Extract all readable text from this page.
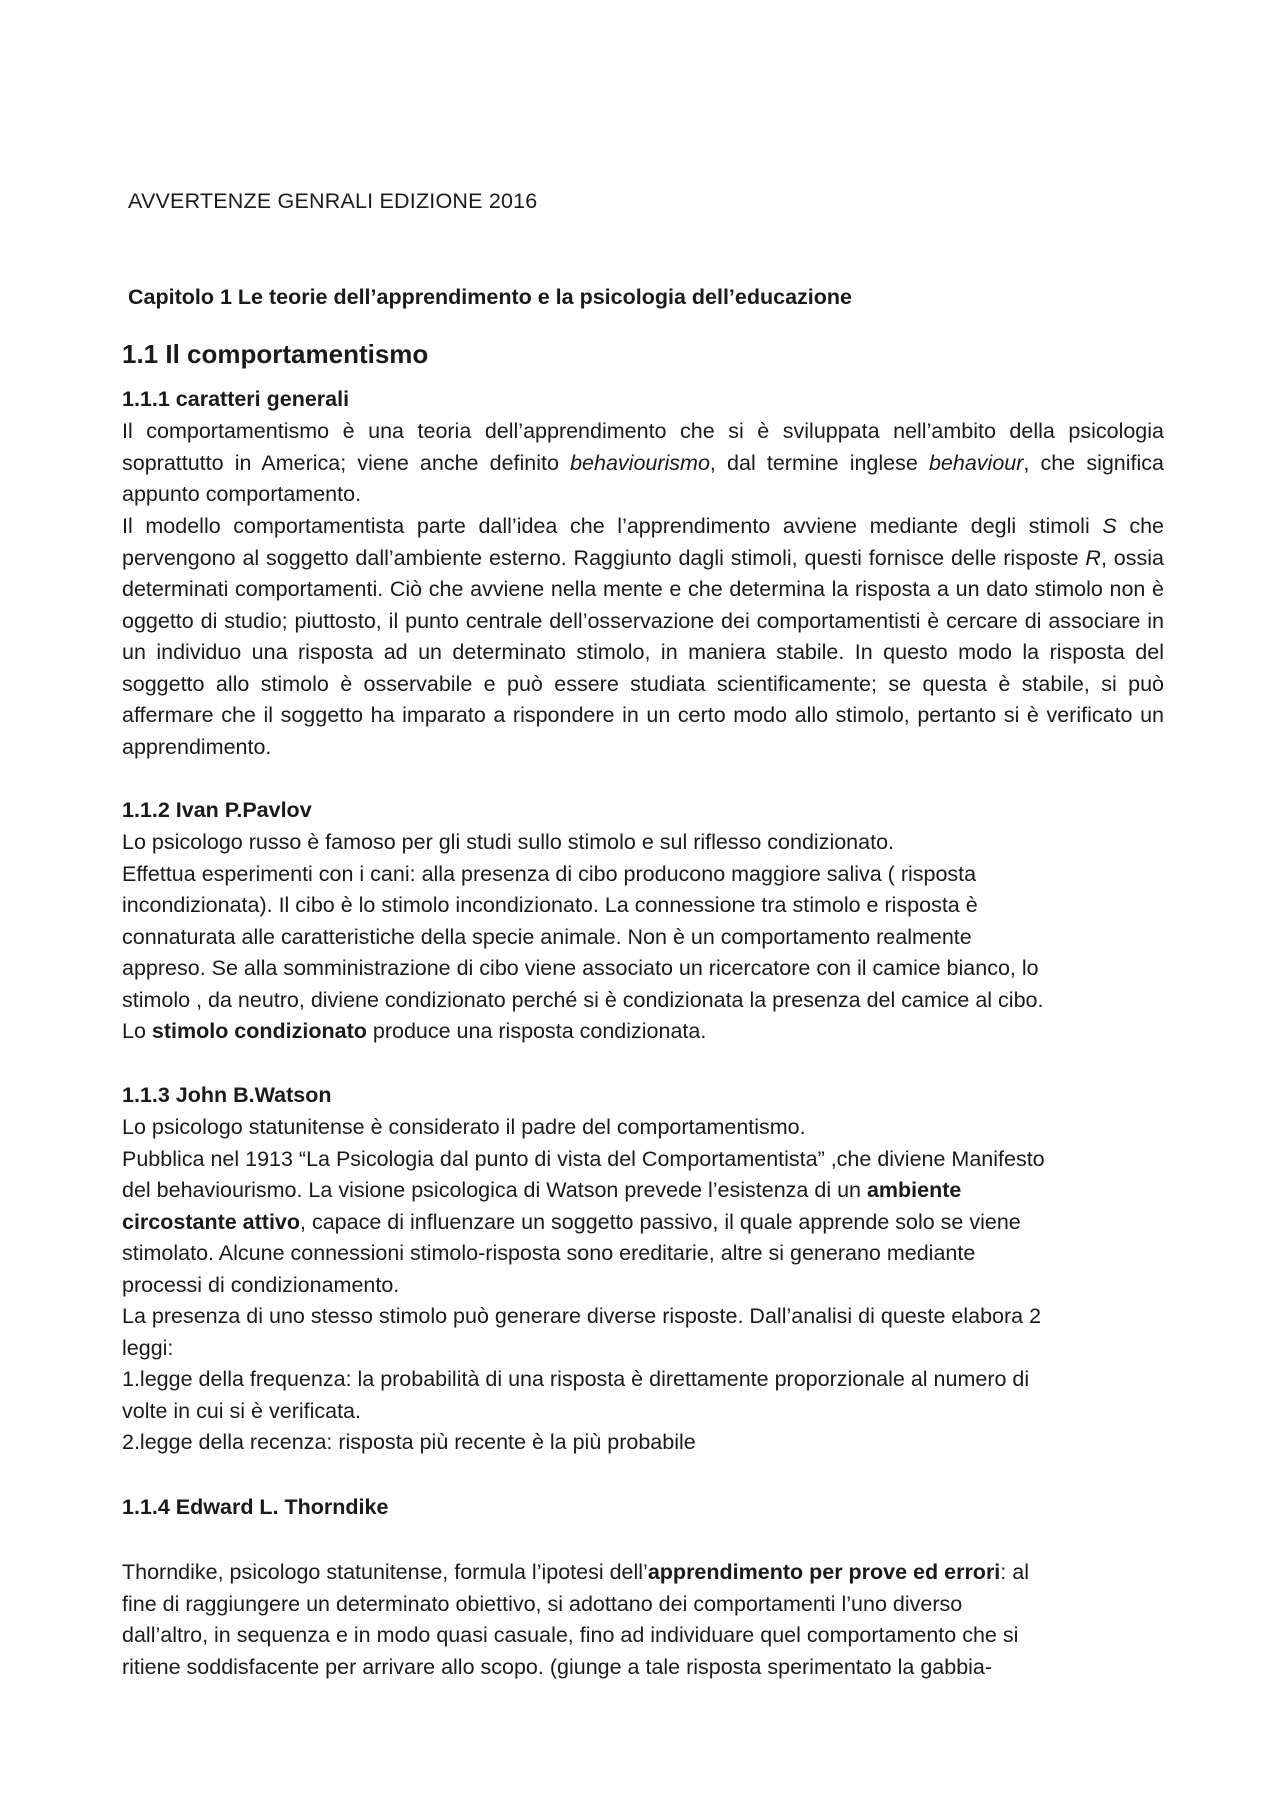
AVVERTENZE GENRALI EDIZIONE 2016
Capitolo 1 Le teorie dell’apprendimento e la psicologia dell’educazione
1.1 Il comportamentismo
1.1.1 caratteri generali
Il comportamentismo è una teoria dell’apprendimento che si è sviluppata nell’ambito della psicologia soprattutto in America; viene anche definito behaviourismo, dal termine inglese behaviour, che significa appunto comportamento.
Il modello comportamentista parte dall’idea che l’apprendimento avviene mediante degli stimoli S che pervengono al soggetto dall’ambiente esterno. Raggiunto dagli stimoli, questi fornisce delle risposte R, ossia determinati comportamenti. Ciò che avviene nella mente e che determina la risposta a un dato stimolo non è oggetto di studio; piuttosto, il punto centrale dell’osservazione dei comportamentisti è cercare di associare in un individuo una risposta ad un determinato stimolo, in maniera stabile. In questo modo la risposta del soggetto allo stimolo è osservabile e può essere studiata scientificamente; se questa è stabile, si può affermare che il soggetto ha imparato a rispondere in un certo modo allo stimolo, pertanto si è verificato un apprendimento.
1.1.2 Ivan P.Pavlov

Lo psicologo russo è famoso per gli studi sullo stimolo e sul riflesso condizionato.

Effettua esperimenti con i cani: alla presenza di cibo producono maggiore saliva ( risposta

incondizionata). Il cibo è lo stimolo incondizionato. La connessione tra stimolo e risposta è

connaturata alle caratteristiche della specie animale. Non è un comportamento realmente

appreso. Se alla somministrazione di cibo viene associato un ricercatore con il camice bianco, lo

stimolo , da neutro, diviene condizionato perché si è condizionata la presenza del camice al cibo.

Lo stimolo condizionato produce una risposta condizionata.

1.1.3 John B.Watson

Lo psicologo statunitense è considerato il padre del comportamentismo.

Pubblica nel 1913 “La Psicologia dal punto di vista del Comportamentista” ,che diviene Manifesto

del behaviourismo. La visione psicologica di Watson prevede l’esistenza di un ambiente

circostante attivo, capace di influenzare un soggetto passivo, il quale apprende solo se viene

stimolato. Alcune connessioni stimolo-risposta sono ereditarie, altre si generano mediante

processi di condizionamento.

La presenza di uno stesso stimolo può generare diverse risposte. Dall’analisi di queste elabora 2

leggi:

1.legge della frequenza: la probabilità di una risposta è direttamente proporzionale al numero di

volte in cui si è verificata.

2.legge della recenza: risposta più recente è la più probabile

1.1.4 Edward L. Thorndike

Thorndike, psicologo statunitense, formula l’ipotesi dell’apprendimento per prove ed errori: al

fine di raggiungere un determinato obiettivo, si adottano dei comportamenti l’uno diverso

dall’altro, in sequenza e in modo quasi casuale, fino ad individuare quel comportamento che si

ritiene soddisfacente per arrivare allo scopo. (giunge a tale risposta sperimentato la gabbia-
